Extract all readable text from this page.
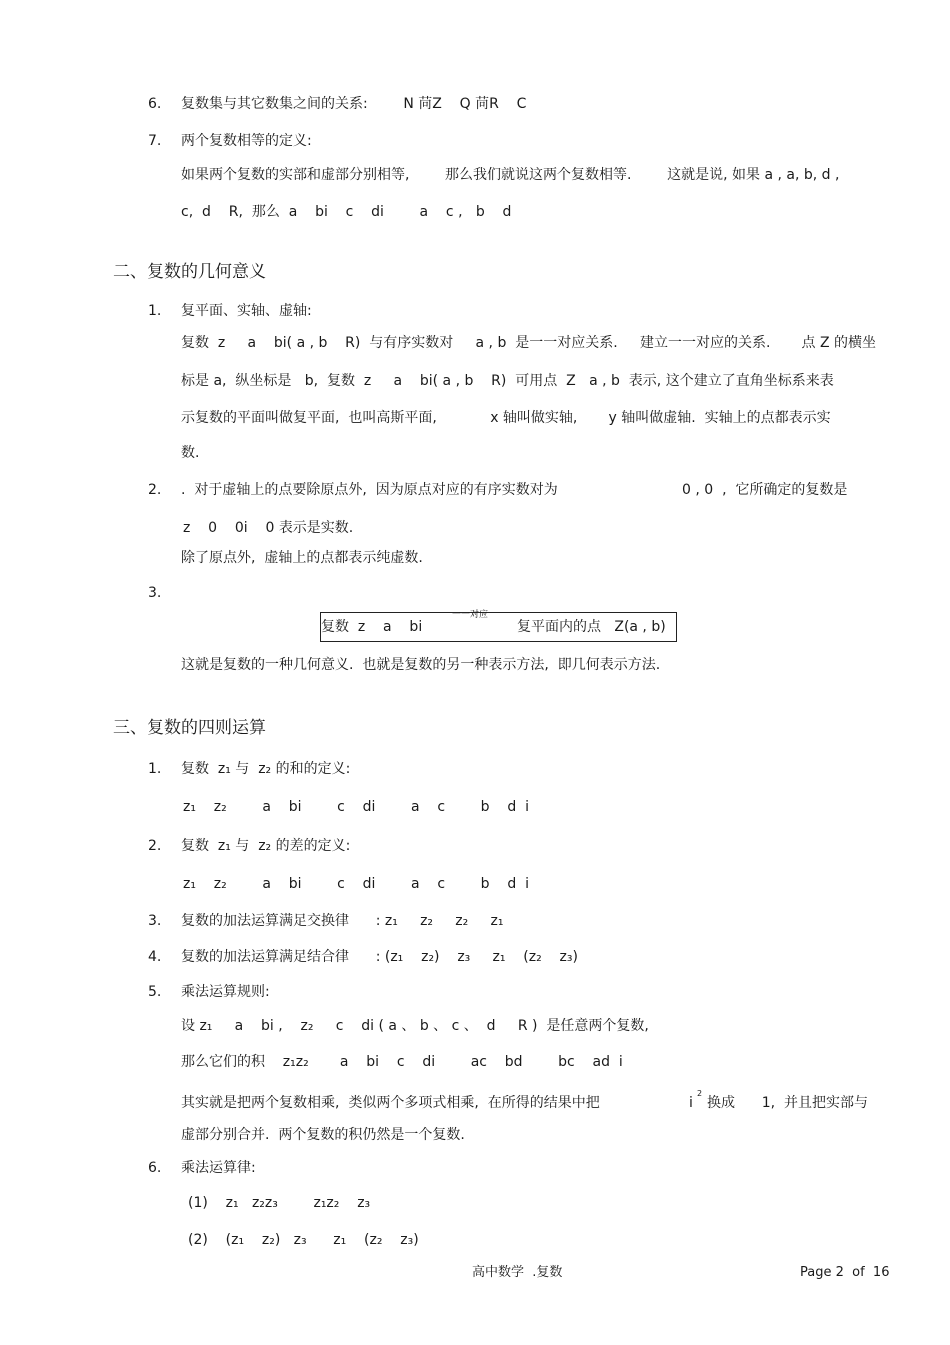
6. 复数集与其它数集之间的关系:        N 苘Z    Q 苘R    C
7. 两个复数相等的定义:
如果两个复数的实部和虚部分别相等,        那么我们就说这两个复数相等.        这就是说, 如果 a , a, b, d ,
c,  d    R,  那么  a    bi    c    di        a    c ,   b    d
二、复数的几何意义
1. 复平面、实轴、虚轴:
复数  z     a    bi( a , b    R)  与有序实数对     a , b  是一一对应关系.     建立一一对应的关系.       点 Z 的横坐
标是 a,  纵坐标是   b,  复数  z     a    bi( a , b    R)  可用点  Z   a , b  表示, 这个建立了直角坐标系来表
示复数的平面叫做复平面,  也叫高斯平面,            x 轴叫做实轴,       y 轴叫做虚轴.  实轴上的点都表示实
数.
2. .  对于虚轴上的点要除原点外,  因为原点对应的有序实数对为	0 , 0  ,  它所确定的复数是
z    0    0i    0 表示是实数.
除了原点外,  虚轴上的点都表示纯虚数.
3.
复数  z    a    bi
一一对应
复平面内的点   Z(a , b)
这就是复数的一种几何意义.  也就是复数的另一种表示方法,  即几何表示方法.
三、复数的四则运算
1. 复数  z₁ 与  z₂ 的和的定义:
z₁    z₂        a    bi        c    di        a    c        b    d  i
2. 复数  z₁ 与  z₂ 的差的定义:
z₁    z₂        a    bi        c    di        a    c        b    d  i
3. 复数的加法运算满足交换律      : z₁     z₂     z₂     z₁
4. 复数的加法运算满足结合律      : (z₁    z₂)    z₃     z₁    (z₂    z₃)
5. 乘法运算规则:
设 z₁     a    bi ,    z₂     c    di ( a 、 b 、 c 、  d     R )  是任意两个复数,
那么它们的积    z₁z₂       a    bi    c    di        ac    bd        bc    ad  i
其实就是把两个复数相乘,  类似两个多项式相乘,  在所得的结果中把	i
2
换成      1,  并且把实部与
虚部分别合并.  两个复数的积仍然是一个复数.
6. 乘法运算律:
(1)    z₁   z₂z₃        z₁z₂    z₃
(2)    (z₁    z₂)   z₃      z₁    (z₂    z₃)
高中数学  .复数	Page 2  of  16
